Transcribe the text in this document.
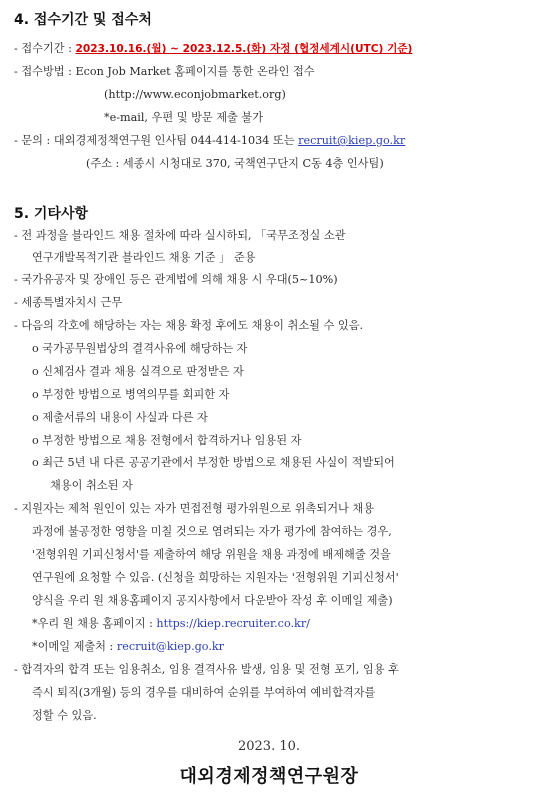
4. 접수기간 및 접수처
- 접수기간 : 2023.10.16.(월) ~ 2023.12.5.(화) 자정 (협정세계시(UTC) 기준)
- 접수방법 : Econ Job Market 홈페이지를 통한 온라인 접수
(http://www.econjobmarket.org)
*e-mail, 우편 및 방문 제출 불가
- 문의 : 대외경제정책연구원 인사팀 044-414-1034 또는 recruit@kiep.go.kr
(주소 : 세종시 시청대로 370, 국책연구단지 C동 4층 인사팀)
5. 기타사항
- 전 과정을 블라인드 채용 절차에 따라 실시하되, 「국무조정실 소관
연구개발목적기관 블라인드 채용 기준 」 준용
- 국가유공자 및 장애인 등은 관계법에 의해 채용 시 우대(5~10%)
- 세종특별자치시 근무
- 다음의 각호에 해당하는 자는 채용 확정 후에도 채용이 취소될 수 있음.
o 국가공무원법상의 결격사유에 해당하는 자
o 신체검사 결과 채용 실격으로 판정받은 자
o 부정한 방법으로 병역의무를 회피한 자
o 제출서류의 내용이 사실과 다른 자
o 부정한 방법으로 채용 전형에서 합격하거나 임용된 자
o 최근 5년 내 다른 공공기관에서 부정한 방법으로 채용된 사실이 적발되어
채용이 취소된 자
- 지원자는 제척 원인이 있는 자가 면접전형 평가위원으로 위촉되거나 채용
과정에 불공정한 영향을 미칠 것으로 염려되는 자가 평가에 참여하는 경우,
'전형위원 기피신청서'를 제출하여 해당 위원을 채용 과정에 배제해줄 것을
연구원에 요청할 수 있음. (신청을 희망하는 지원자는 '전형위원 기피신청서'
양식을 우리 원 채용홈페이지 공지사항에서 다운받아 작성 후 이메일 제출)
*우리 원 채용 홈페이지 : https://kiep.recruiter.co.kr/
*이메일 제출처 : recruit@kiep.go.kr
- 합격자의 합격 또는 임용취소, 임용 결격사유 발생, 임용 및 전형 포기, 임용 후
즉시 퇴직(3개월) 등의 경우를 대비하여 순위를 부여하여 예비합격자를
정할 수 있음.
2023. 10.
대외경제정책연구원장
